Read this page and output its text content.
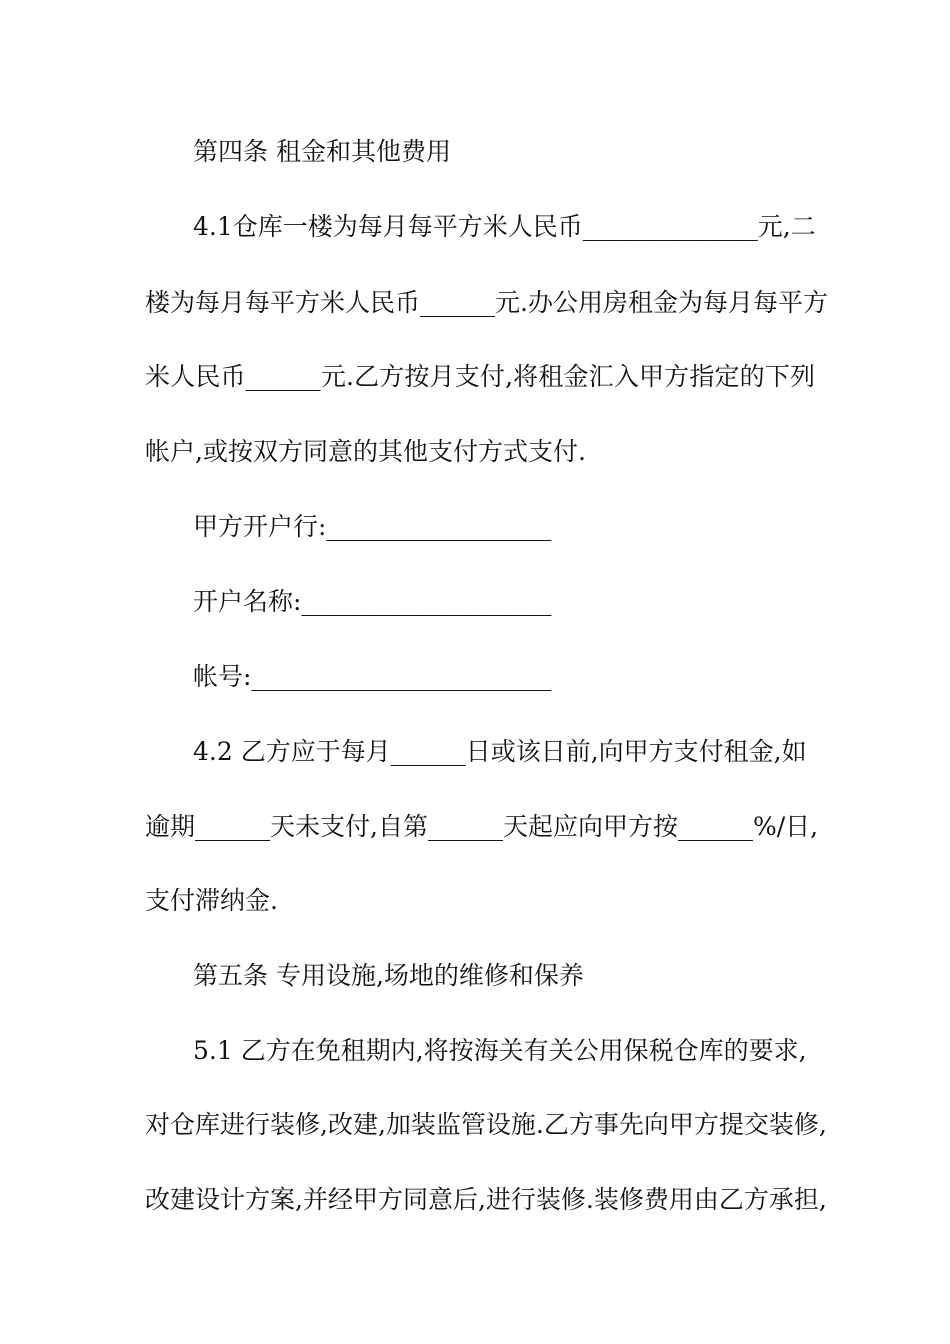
第四条 租金和其他费用
4.1仓库一楼为每月每平方米人民币______________元,二
楼为每月每平方米人民币______元.办公用房租金为每月每平方
米人民币______元.乙方按月支付,将租金汇入甲方指定的下列
帐户,或按双方同意的其他支付方式支付.
甲方开户行:__________________
开户名称:____________________
帐号:________________________
4.2 乙方应于每月______日或该日前,向甲方支付租金,如
逾期______天未支付,自第______天起应向甲方按______%/日,
支付滞纳金.
第五条 专用设施,场地的维修和保养
5.1 乙方在免租期内,将按海关有关公用保税仓库的要求,
对仓库进行装修,改建,加装监管设施.乙方事先向甲方提交装修,
改建设计方案,并经甲方同意后,进行装修.装修费用由乙方承担,
